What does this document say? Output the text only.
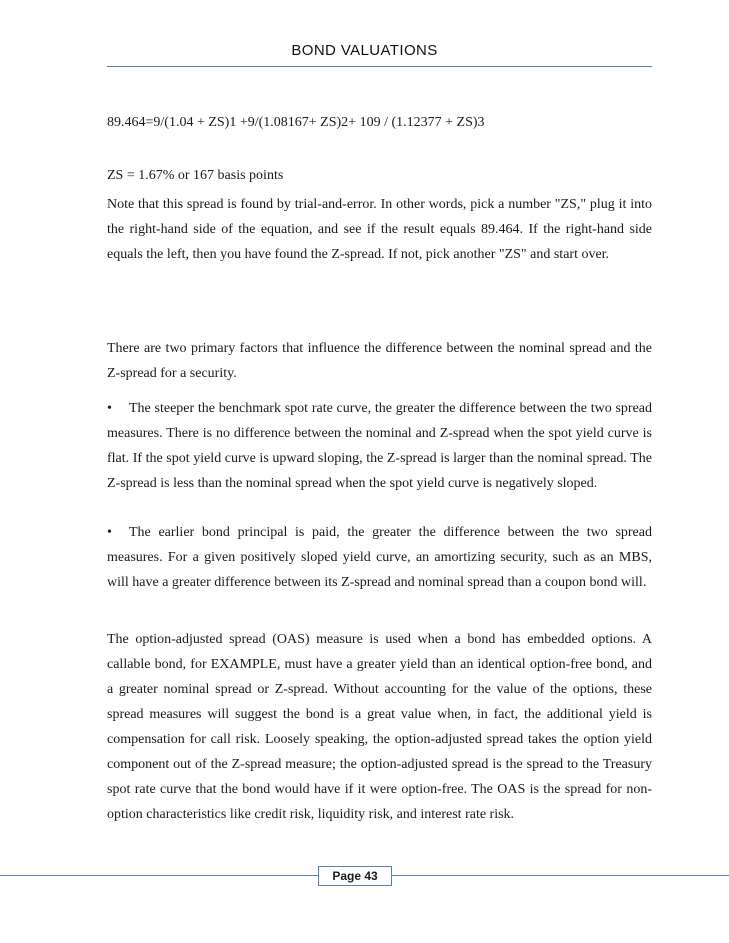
BOND VALUATIONS
89.464=9/(1.04 + ZS)1 +9/(1.08167+ ZS)2+ 109 / (1.12377 + ZS)3
ZS = 1.67% or 167 basis points
Note that this spread is found by trial-and-error. In other words, pick a number "ZS," plug it into the right-hand side of the equation, and see if the result equals 89.464. If the right-hand side equals the left, then you have found the Z-spread. If not, pick another "ZS" and start over.
There are two primary factors that influence the difference between the nominal spread and the Z-spread for a security.
• The steeper the benchmark spot rate curve, the greater the difference between the two spread measures. There is no difference between the nominal and Z-spread when the spot yield curve is flat. If the spot yield curve is upward sloping, the Z-spread is larger than the nominal spread. The Z-spread is less than the nominal spread when the spot yield curve is negatively sloped.
• The earlier bond principal is paid, the greater the difference between the two spread measures. For a given positively sloped yield curve, an amortizing security, such as an MBS, will have a greater difference between its Z-spread and nominal spread than a coupon bond will.
The option-adjusted spread (OAS) measure is used when a bond has embedded options. A callable bond, for EXAMPLE, must have a greater yield than an identical option-free bond, and a greater nominal spread or Z-spread. Without accounting for the value of the options, these spread measures will suggest the bond is a great value when, in fact, the additional yield is compensation for call risk. Loosely speaking, the option-adjusted spread takes the option yield component out of the Z-spread measure; the option-adjusted spread is the spread to the Treasury spot rate curve that the bond would have if it were option-free. The OAS is the spread for non-option characteristics like credit risk, liquidity risk, and interest rate risk.
Page 43
